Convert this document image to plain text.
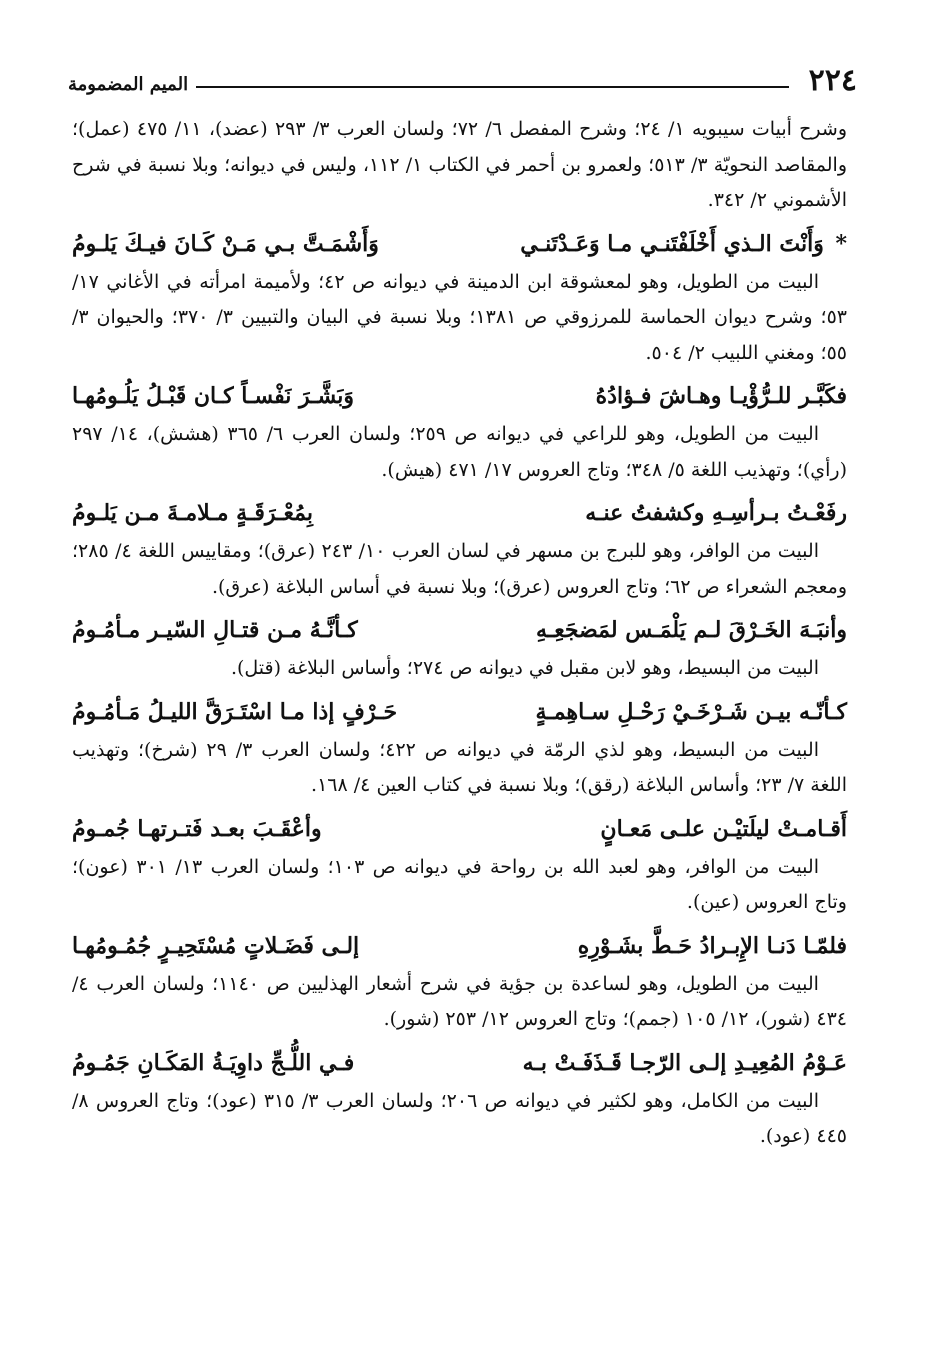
٢٢٤
الميم المضمومة

وشرح أبيات سيبويه ١/ ٢٤؛ وشرح المفصل ٦/ ٧٢؛ ولسان العرب ٣/ ٢٩٣ (عضد)، ١١/ ٤٧٥ (عمل)؛ والمقاصد النحويّة ٣/ ٥١٣؛ ولعمرو بن أحمر في الكتاب ١/ ١١٢، وليس في ديوانه؛ وبلا نسبة في شرح الأشموني ٢/ ٣٤٢.

* وَأَنْتَ الـذي أَخْلَفْتَنـي مـا وَعَـدْتَنـي
وَأَشْمَـتَّ بـي مَـنْ كَـانَ فيـكَ يَلـومُ

البيت من الطويل، وهو لمعشوقة ابن الدمينة في ديوانه ص ٤٢؛ ولأميمة امرأته في الأغاني ١٧/ ٥٣؛ وشرح ديوان الحماسة للمرزوقي ص ١٣٨١؛ وبلا نسبة في البيان والتبيين ٣/ ٣٧٠؛ والحيوان ٣/ ٥٥؛ ومغني اللبيب ٢/ ٥٠٤.

فكَبَّـر للـرُّؤْيـا وهـاشَ فـؤادُهُ
وَبَشَّـرَ نَفْسـاً كـان قَبْـلُ يَلُـومُهـا

البيت من الطويل، وهو للراعي في ديوانه ص ٢٥٩؛ ولسان العرب ٦/ ٣٦٥ (هشش)، ١٤/ ٢٩٧ (رأي)؛ وتهذيب اللغة ٥/ ٣٤٨؛ وتاج العروس ١٧/ ٤٧١ (هيش).

رفَعْـتُ بـرأسِـهِ وكشفتُ عنـه
بِمُعْـرَقَـةٍ مـلامـةَ مـن يَلـومُ

البيت من الوافر، وهو للبرج بن مسهر في لسان العرب ١٠/ ٢٤٣ (عرق)؛ ومقاييس اللغة ٤/ ٢٨٥؛ ومعجم الشعراء ص ٦٢؛ وتاج العروس (عرق)؛ وبلا نسبة في أساس البلاغة (عرق).

وأنبَـهَ الخَـرْقَ لـم يَلْمَـس لمَضجَعِـهِ
كـأنَّـهُ مـن قتـالِ السّيـر مـأمُـومُ

البيت من البسيط، وهو لابن مقبل في ديوانه ص ٢٧٤؛ وأساس البلاغة (قتل).

كـأنّـه بيـن شَـرْخَـيْ رَحْـلِ سـاهِمـةٍ
حَـرْفٍ إذا مـا اسْتَـرَقَّ الليـلُ مَـأمُـومُ

البيت من البسيط، وهو لذي الرمّة في ديوانه ص ٤٢٢؛ ولسان العرب ٣/ ٢٩ (شرخ)؛ وتهذيب اللغة ٧/ ٢٣؛ وأساس البلاغة (رقق)؛ وبلا نسبة في كتاب العين ٤/ ١٦٨.

أَقـامـتْ ليلَتيْـن علـى مَعـانٍ
وأعْقَـبَ بعـد فَتـرتهـا جُمـومُ

البيت من الوافر، وهو لعبد الله بن رواحة في ديوانه ص ١٠٣؛ ولسان العرب ١٣/ ٣٠١ (عون)؛ وتاج العروس (عين).

فلمّـا دَنـا الإِبـرادُ حَـطَّ بشَـوْرِهِ
إلـى فَضَـلاتٍ مُسْتَحِيـرٍ جُمُـومُهـا

البيت من الطويل، وهو لساعدة بن جؤية في شرح أشعار الهذليين ص ١١٤٠؛ ولسان العرب ٤/ ٤٣٤ (شور)، ١٢/ ١٠٥ (جمم)؛ وتاج العروس ١٢/ ٢٥٣ (شور).

عَـوْمُ المُعِيـدِ إلـى الرّجـا قَـذَفَـتْ بـه
فـي اللُّـجِّ داوِيَـةُ المَكَـانِ جَمُـومُ

البيت من الكامل، وهو لكثير في ديوانه ص ٢٠٦؛ ولسان العرب ٣/ ٣١٥ (عود)؛ وتاج العروس ٨/ ٤٤٥ (عود).
